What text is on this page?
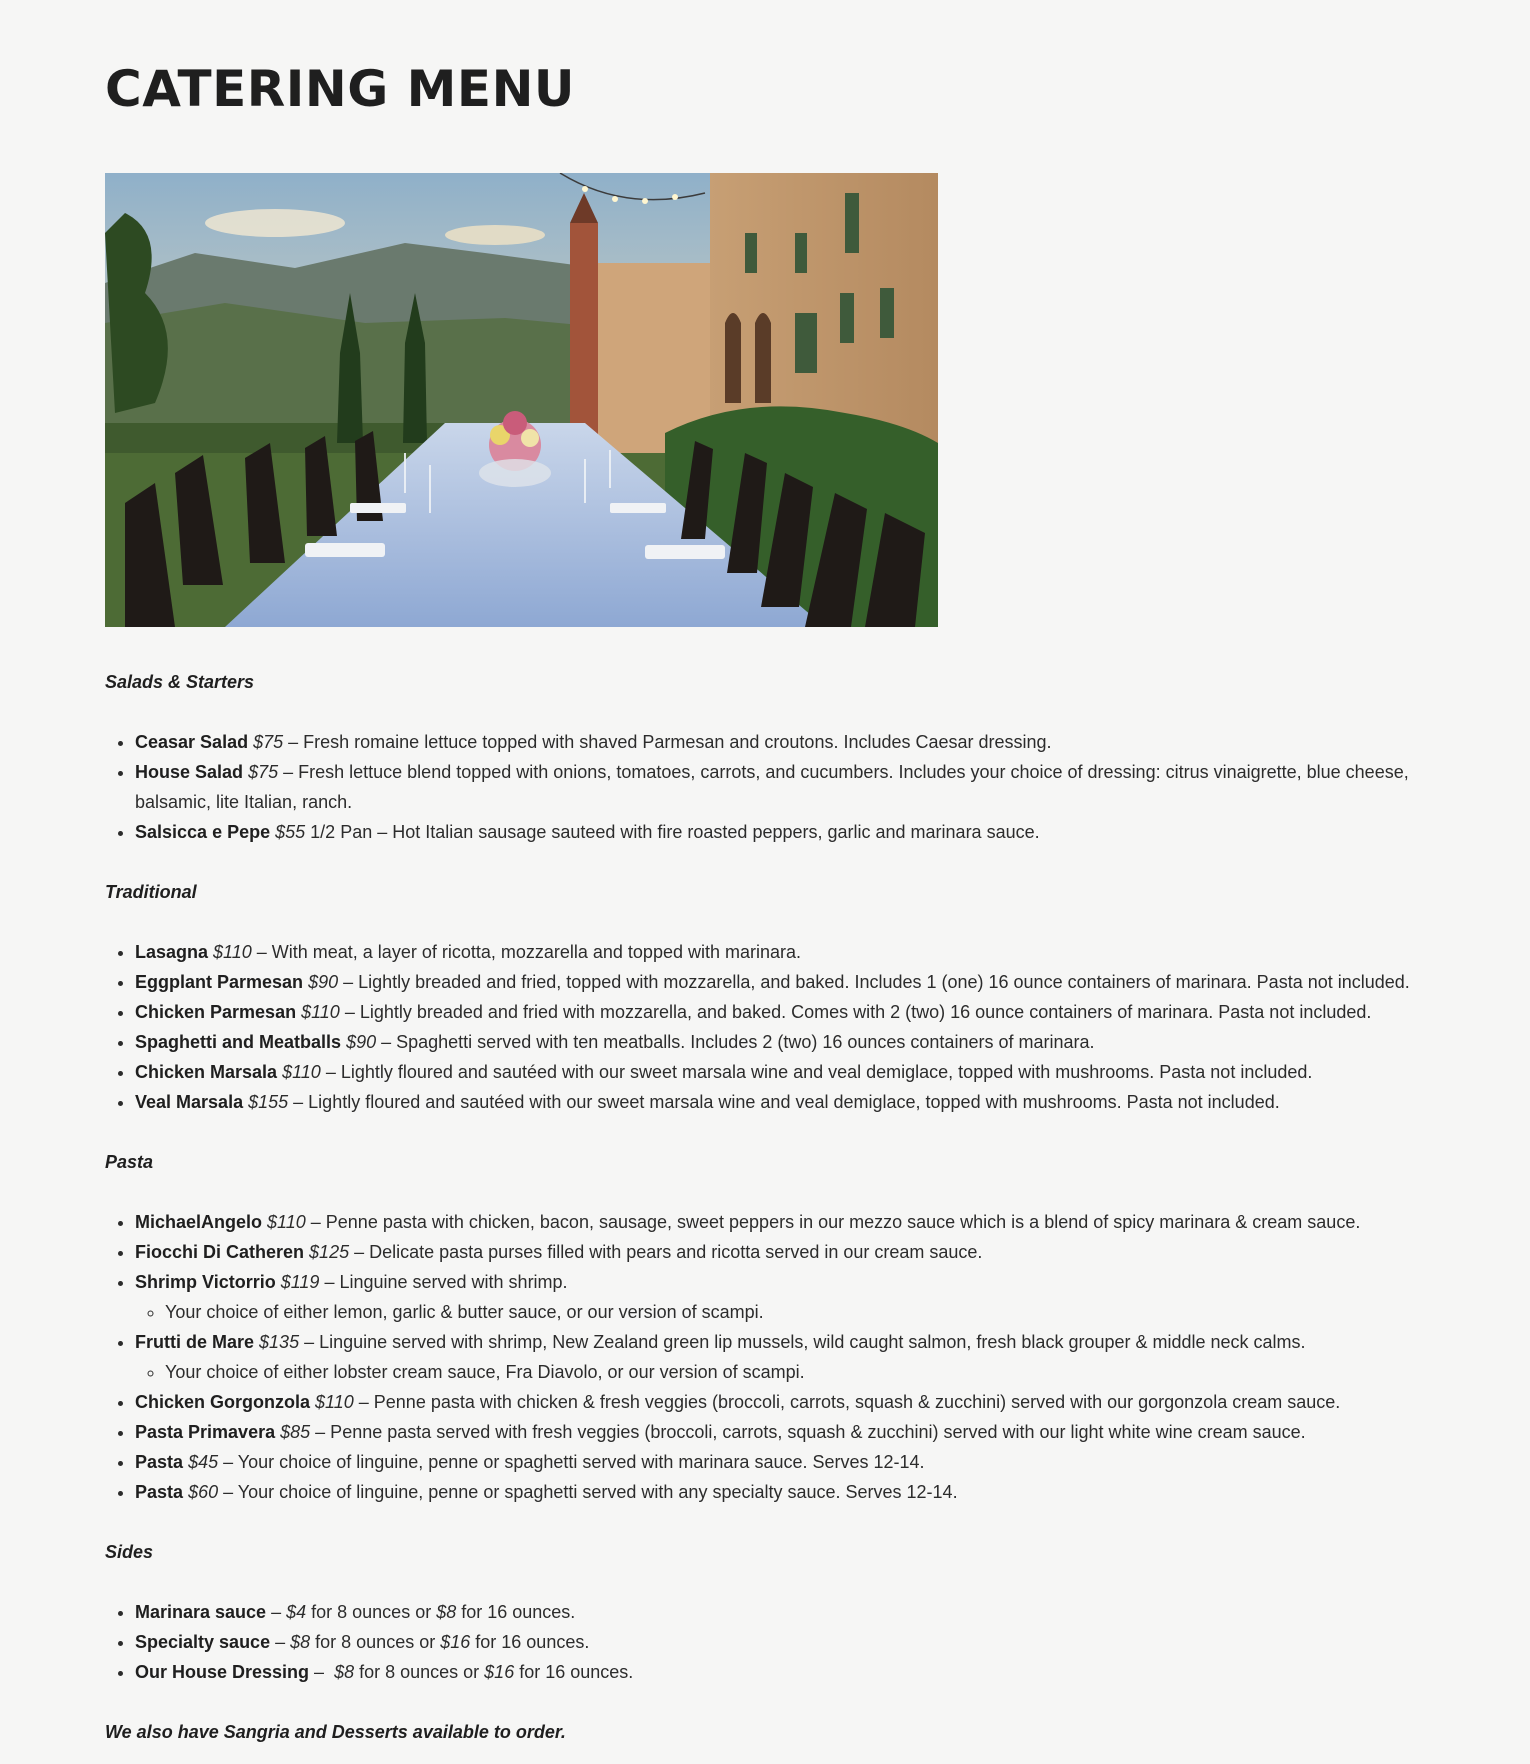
CATERING MENU

Salads & Starters

• Ceasar Salad $75 – Fresh romaine lettuce topped with shaved Parmesan and croutons. Includes Caesar dressing.
• House Salad $75 – Fresh lettuce blend topped with onions, tomatoes, carrots, and cucumbers. Includes your choice of dressing: citrus vinaigrette, blue cheese, balsamic, lite Italian, ranch.
• Salsicca e Pepe $55 1/2 Pan – Hot Italian sausage sauteed with fire roasted peppers, garlic and marinara sauce.

Traditional

• Lasagna $110 – With meat, a layer of ricotta, mozzarella and topped with marinara.
• Eggplant Parmesan $90 – Lightly breaded and fried, topped with mozzarella, and baked. Includes 1 (one) 16 ounce containers of marinara. Pasta not included.
• Chicken Parmesan $110 – Lightly breaded and fried with mozzarella, and baked. Comes with 2 (two) 16 ounce containers of marinara. Pasta not included.
• Spaghetti and Meatballs $90 – Spaghetti served with ten meatballs. Includes 2 (two) 16 ounces containers of marinara.
• Chicken Marsala $110 – Lightly floured and sautéed with our sweet marsala wine and veal demiglace, topped with mushrooms. Pasta not included.
• Veal Marsala $155 – Lightly floured and sautéed with our sweet marsala wine and veal demiglace, topped with mushrooms. Pasta not included.

Pasta

• MichaelAngelo $110 – Penne pasta with chicken, bacon, sausage, sweet peppers in our mezzo sauce which is a blend of spicy marinara & cream sauce.
• Fiocchi Di Catheren $125 – Delicate pasta purses filled with pears and ricotta served in our cream sauce.
• Shrimp Victorrio $119 – Linguine served with shrimp.
◦ Your choice of either lemon, garlic & butter sauce, or our version of scampi.
• Frutti de Mare $135 – Linguine served with shrimp, New Zealand green lip mussels, wild caught salmon, fresh black grouper & middle neck calms.
◦ Your choice of either lobster cream sauce, Fra Diavolo, or our version of scampi.
• Chicken Gorgonzola $110 – Penne pasta with chicken & fresh veggies (broccoli, carrots, squash & zucchini) served with our gorgonzola cream sauce.
• Pasta Primavera $85 – Penne pasta served with fresh veggies (broccoli, carrots, squash & zucchini) served with our light white wine cream sauce.
• Pasta $45 – Your choice of linguine, penne or spaghetti served with marinara sauce. Serves 12-14.
• Pasta $60 – Your choice of linguine, penne or spaghetti served with any specialty sauce. Serves 12-14.

Sides

• Marinara sauce – $4 for 8 ounces or $8 for 16 ounces.
• Specialty sauce – $8 for 8 ounces or $16 for 16 ounces.
• Our House Dressing –  $8 for 8 ounces or $16 for 16 ounces.

We also have Sangria and Desserts available to order.
